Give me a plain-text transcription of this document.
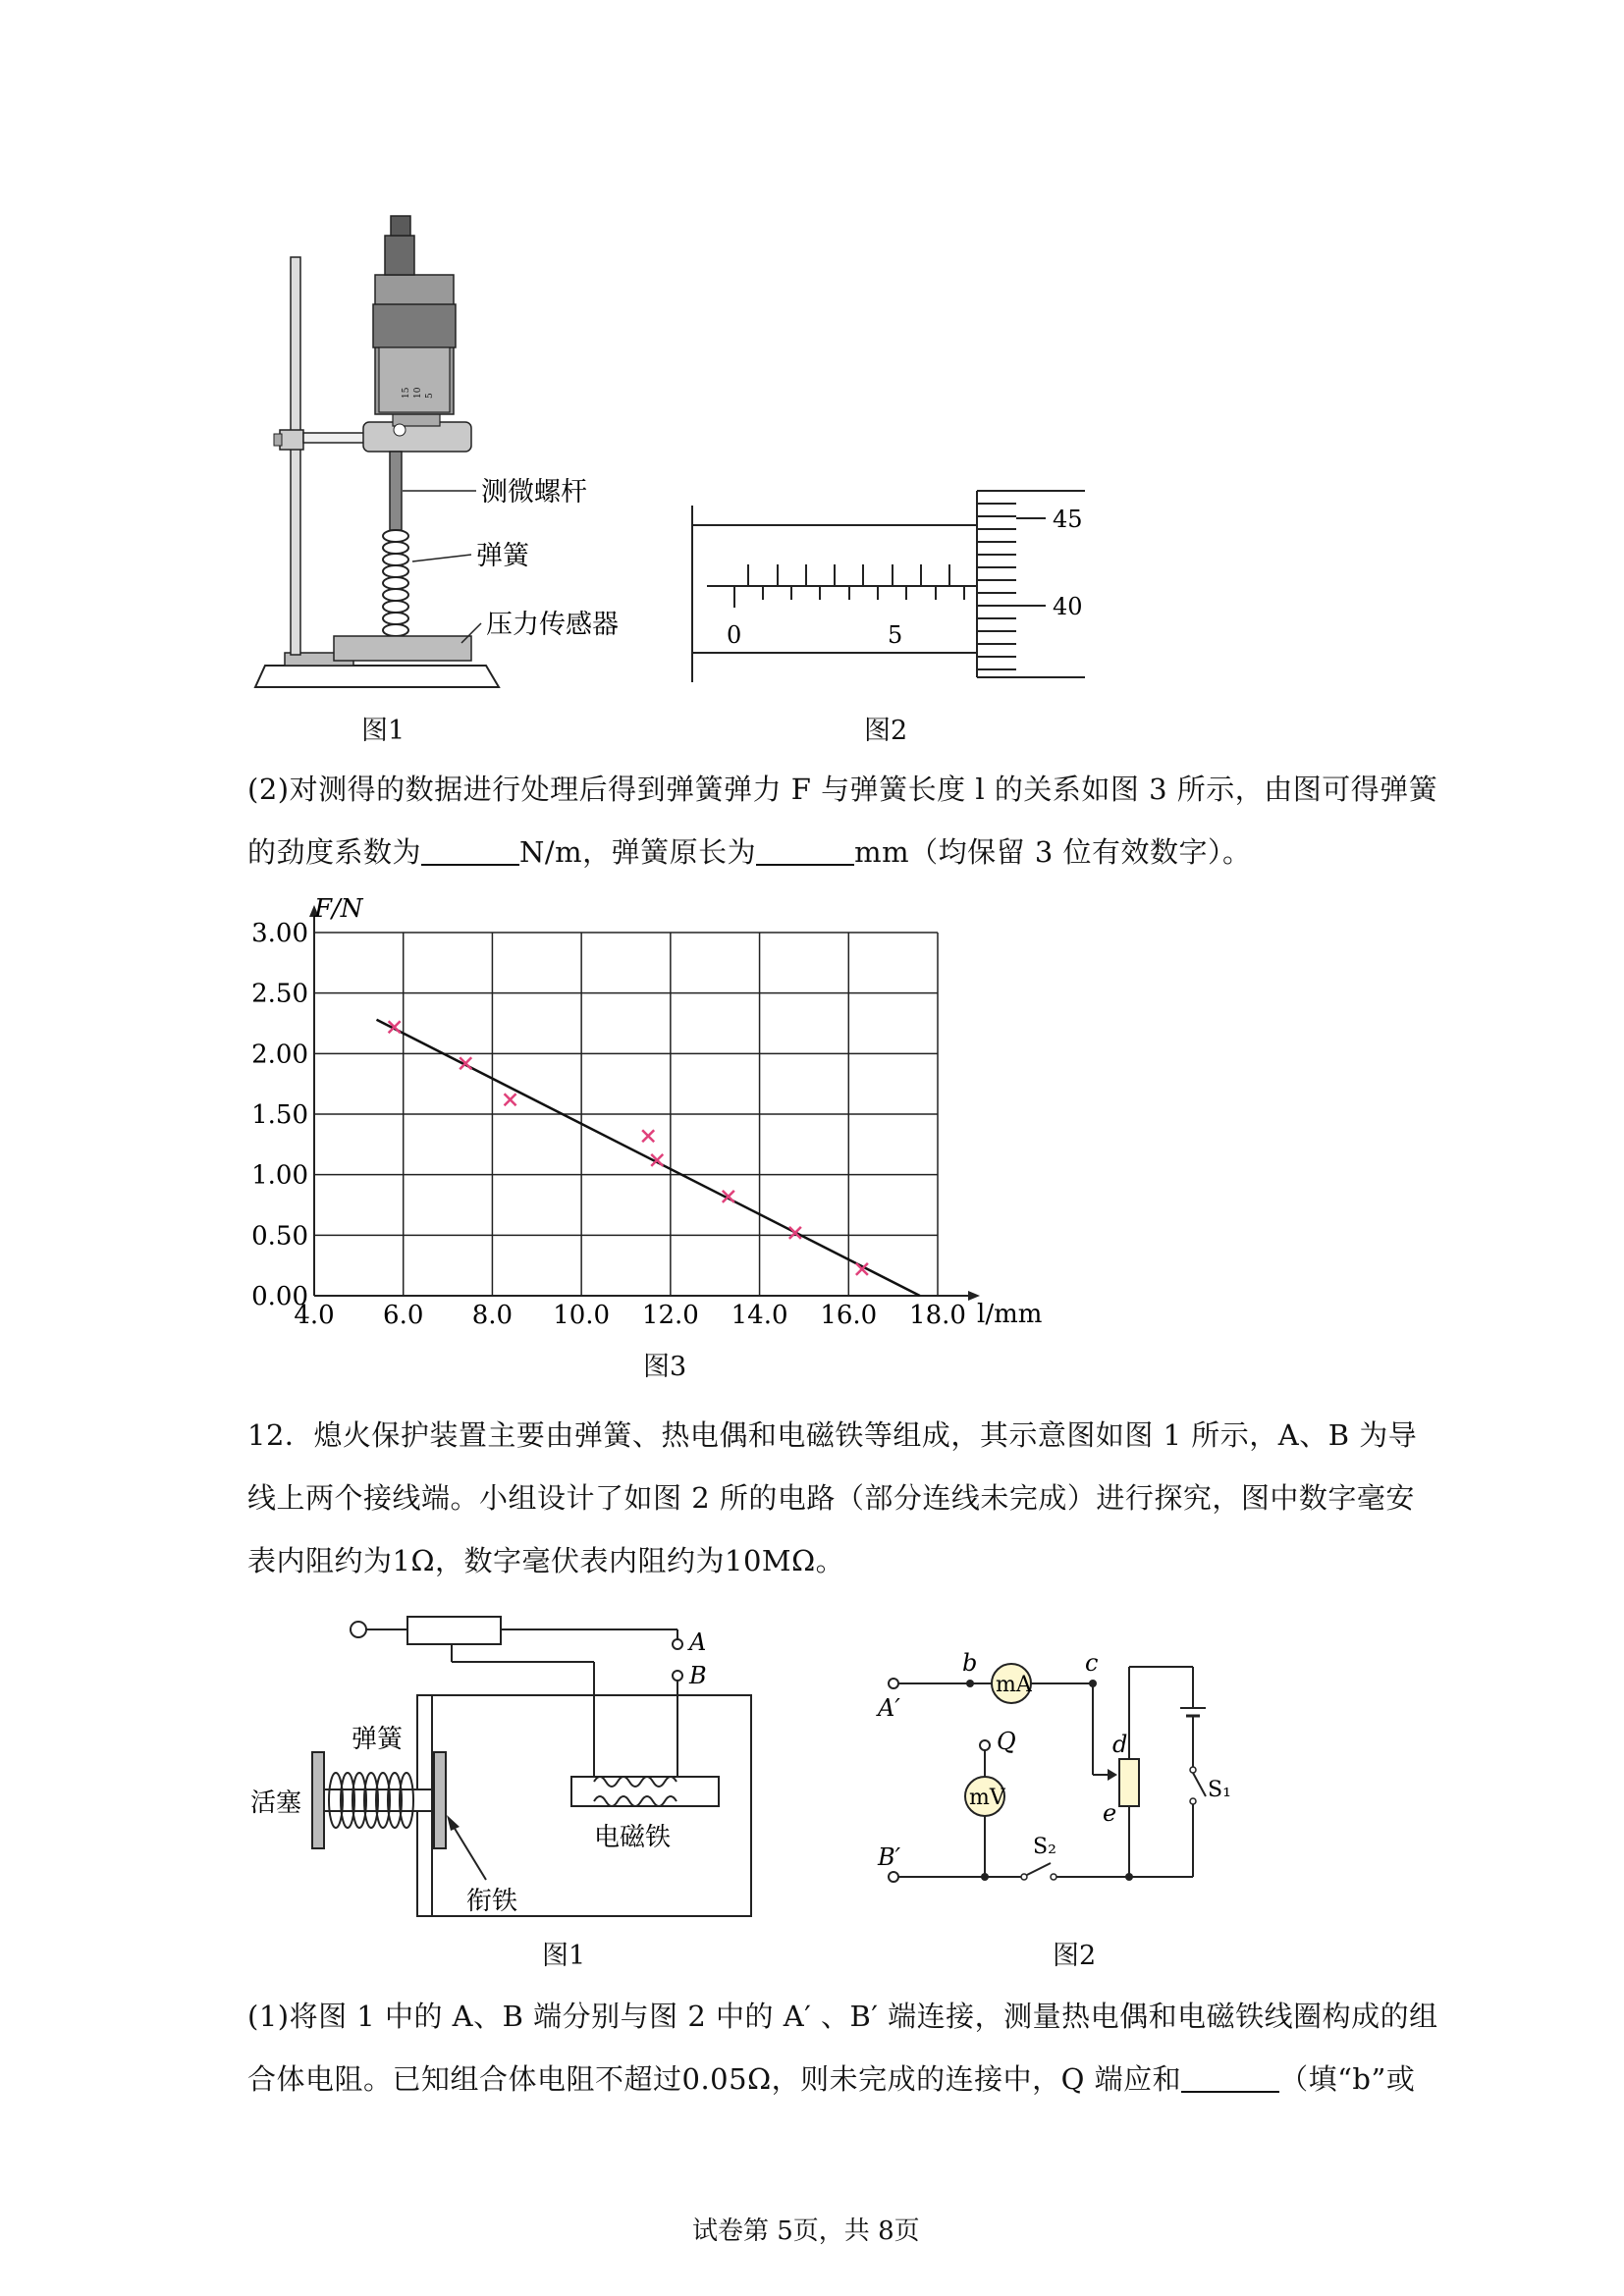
15 10 5
测微螺杆
弹簧
压力传感器
图1
0	5
45
40
图2
(2)对测得的数据进行处理后得到弹簧弹力 F 与弹簧长度 l 的关系如图 3 所示，由图可得弹簧
的劲度系数为	N/m，弹簧原长为	mm（均保留 3 位有效数字）。
4.0 6.0 8.0 10.0 12.0 14.0 16.0 18.0
0.00
0.50
1.00
1.50
2.00
2.50
3.00
F/N
l/mm
图3
12．熄火保护装置主要由弹簧、热电偶和电磁铁等组成，其示意图如图 1 所示，A、B 为导
线上两个接线端。小组设计了如图 2 所的电路（部分连线未完成）进行探究，图中数字毫安
表内阻约为1Ω，数字毫伏表内阻约为10MΩ。
A
B
弹簧
活塞
电磁铁
衔铁
图1
mA
mV
A′
B′
b	c
d
e
Q
S₁
S₂
图2
(1)将图 1 中的 A、B 端分别与图 2 中的 A′ 、B′ 端连接，测量热电偶和电磁铁线圈构成的组
合体电阻。已知组合体电阻不超过0.05Ω，则未完成的连接中，Q 端应和	（填“b”或
试卷第 5页，共 8页
